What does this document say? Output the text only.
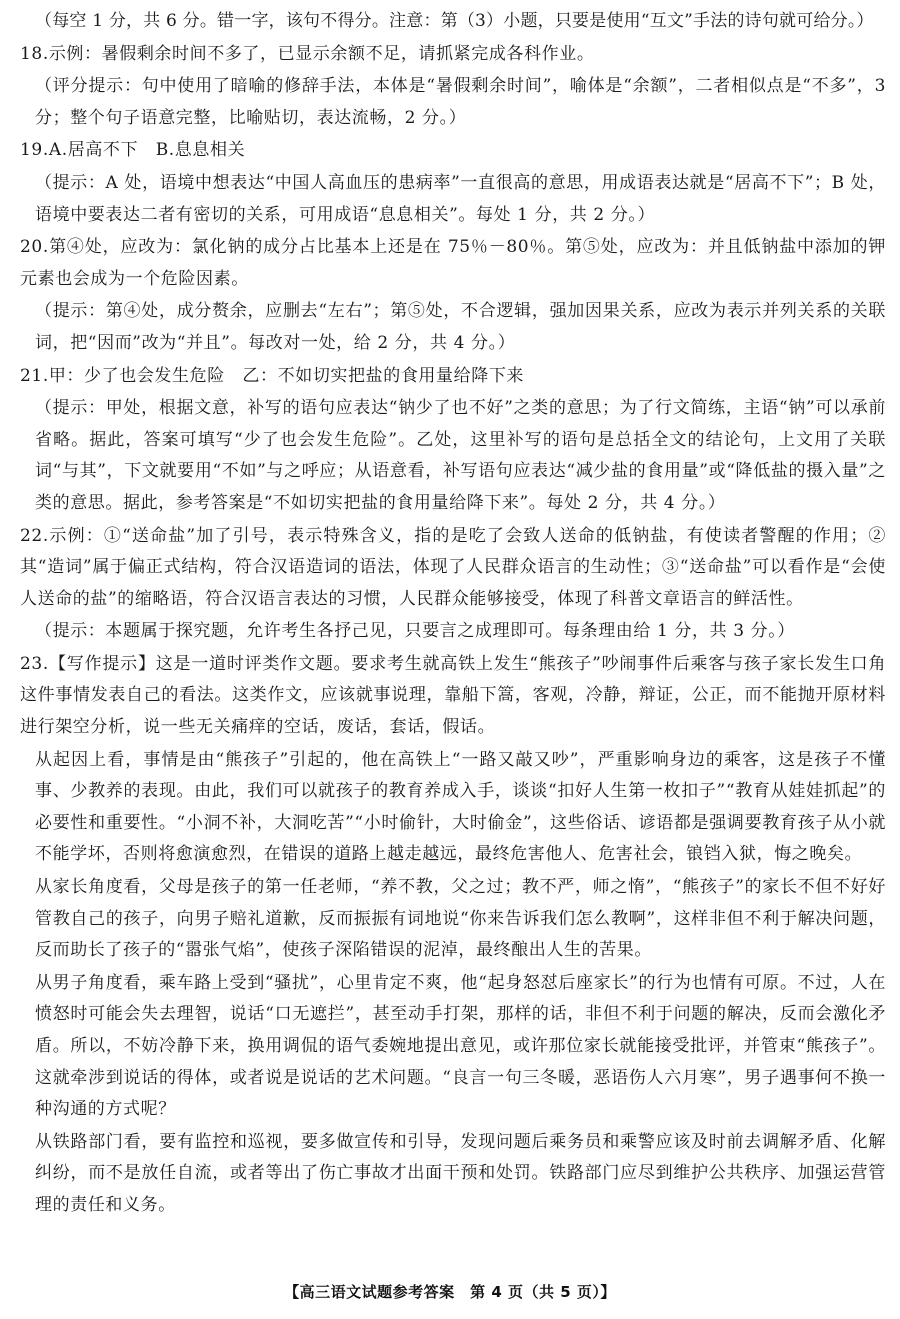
（每空 1 分，共 6 分。错一字，该句不得分。注意：第（3）小题，只要是使用“互文”手法的诗句就可给分。）

18.示例：暑假剩余时间不多了，已显示余额不足，请抓紧完成各科作业。

（评分提示：句中使用了暗喻的修辞手法，本体是“暑假剩余时间”，喻体是“余额”，二者相似点是“不多”，3 分；整个句子语意完整，比喻贴切，表达流畅，2 分。）

19.A.居高不下　B.息息相关

（提示：A 处，语境中想表达“中国人高血压的患病率”一直很高的意思，用成语表达就是“居高不下”；B 处，语境中要表达二者有密切的关系，可用成语“息息相关”。每处 1 分，共 2 分。）

20.第④处，应改为：氯化钠的成分占比基本上还是在 75％－80％。第⑤处，应改为：并且低钠盐中添加的钾元素也会成为一个危险因素。

（提示：第④处，成分赘余，应删去“左右”；第⑤处，不合逻辑，强加因果关系，应改为表示并列关系的关联词，把“因而”改为“并且”。每改对一处，给 2 分，共 4 分。）

21.甲：少了也会发生危险　乙：不如切实把盐的食用量给降下来

（提示：甲处，根据文意，补写的语句应表达“钠少了也不好”之类的意思；为了行文简练，主语“钠”可以承前省略。据此，答案可填写“少了也会发生危险”。乙处，这里补写的语句是总括全文的结论句，上文用了关联词“与其”，下文就要用“不如”与之呼应；从语意看，补写语句应表达“减少盐的食用量”或“降低盐的摄入量”之类的意思。据此，参考答案是“不如切实把盐的食用量给降下来”。每处 2 分，共 4 分。）

22.示例：①“送命盐”加了引号，表示特殊含义，指的是吃了会致人送命的低钠盐，有使读者警醒的作用；②其“造词”属于偏正式结构，符合汉语造词的语法，体现了人民群众语言的生动性；③“送命盐”可以看作是“会使人送命的盐”的缩略语，符合汉语言表达的习惯，人民群众能够接受，体现了科普文章语言的鲜活性。

（提示：本题属于探究题，允许考生各抒己见，只要言之成理即可。每条理由给 1 分，共 3 分。）

23.【写作提示】这是一道时评类作文题。要求考生就高铁上发生“熊孩子”吵闹事件后乘客与孩子家长发生口角这件事情发表自己的看法。这类作文，应该就事说理，靠船下篙，客观，冷静，辩证，公正，而不能抛开原材料进行架空分析，说一些无关痛痒的空话，废话，套话，假话。

从起因上看，事情是由“熊孩子”引起的，他在高铁上“一路又敲又吵”，严重影响身边的乘客，这是孩子不懂事、少教养的表现。由此，我们可以就孩子的教育养成入手，谈谈“扣好人生第一枚扣子”“教育从娃娃抓起”的必要性和重要性。“小洞不补，大洞吃苦”“小时偷针，大时偷金”，这些俗话、谚语都是强调要教育孩子从小就不能学坏，否则将愈演愈烈，在错误的道路上越走越远，最终危害他人、危害社会，锒铛入狱，悔之晚矣。

从家长角度看，父母是孩子的第一任老师，“养不教，父之过；教不严，师之惰”，“熊孩子”的家长不但不好好管教自己的孩子，向男子赔礼道歉，反而振振有词地说“你来告诉我们怎么教啊”，这样非但不利于解决问题，反而助长了孩子的“嚣张气焰”，使孩子深陷错误的泥淖，最终酿出人生的苦果。

从男子角度看，乘车路上受到“骚扰”，心里肯定不爽，他“起身怒怼后座家长”的行为也情有可原。不过，人在愤怒时可能会失去理智，说话“口无遮拦”，甚至动手打架，那样的话，非但不利于问题的解决，反而会激化矛盾。所以，不妨冷静下来，换用调侃的语气委婉地提出意见，或许那位家长就能接受批评，并管束“熊孩子”。这就牵涉到说话的得体，或者说是说话的艺术问题。“良言一句三冬暖，恶语伤人六月寒”，男子遇事何不换一种沟通的方式呢？

从铁路部门看，要有监控和巡视，要多做宣传和引导，发现问题后乘务员和乘警应该及时前去调解矛盾、化解纠纷，而不是放任自流，或者等出了伤亡事故才出面干预和处罚。铁路部门应尽到维护公共秩序、加强运营管理的责任和义务。

【高三语文试题参考答案　第 4 页（共 5 页）】
